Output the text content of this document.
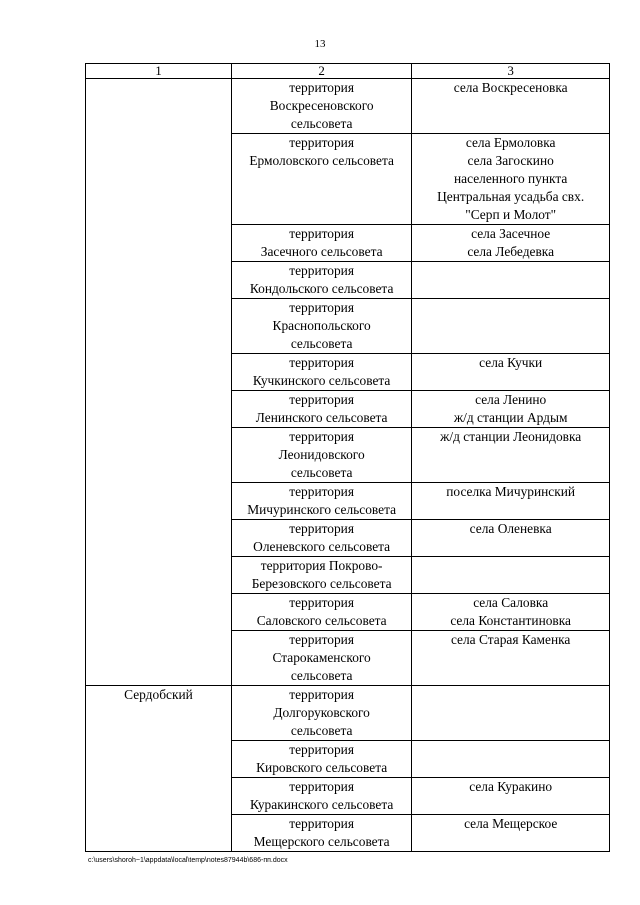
13
1	2	3

	территория
Воскресеновского
сельсовета	села Воскресеновка

	территория
Ермоловского сельсовета	села Ермоловка
села Загоскино
населенного пункта
Центральная усадьба свх.
"Серп и Молот"

	территория
Засечного сельсовета	села Засечное
села Лебедевка

	территория
Кондольского сельсовета	

	территория
Краснопольского
сельсовета	

	территория
Кучкинского сельсовета	села Кучки

	территория
Ленинского сельсовета	села Ленино
ж/д станции Ардым

	территория
Леонидовского
сельсовета	ж/д станции Леонидовка

	территория
Мичуринского сельсовета	поселка Мичуринский

	территория
Оленевского сельсовета	села Оленевка

	территория Покрово-
Березовского сельсовета	

	территория
Саловского сельсовета	села Саловка
села Константиновка

	территория
Старокаменского
сельсовета	села Старая Каменка

Сердобский	территория
Долгоруковского
сельсовета	

	территория
Кировского сельсовета	

	территория
Куракинского сельсовета	села Куракино

	территория
Мещерского сельсовета	села Мещерское
c:\users\shoroh~1\appdata\local\temp\notes87944b\686-пп.docx
